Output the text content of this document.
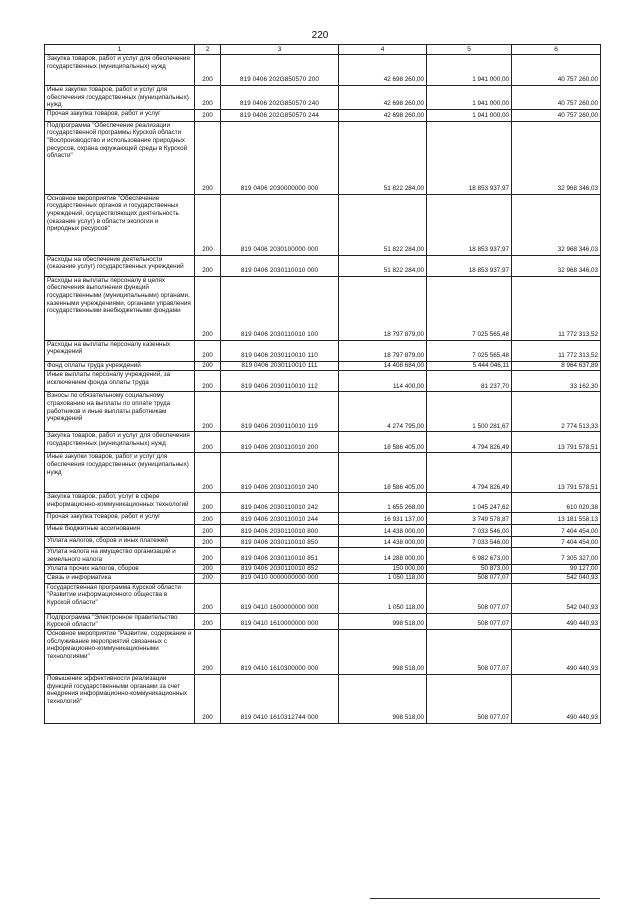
220
1	2	3	4	5	6
Закупка товаров, работ и услуг для обеспечения государственных (муниципальных) нужд	200	819 0406 202G850570 200	42 698 260,00	1 941 000,00	40 757 260,00
Иные закупки товаров, работ и услуг для обеспечения государственных (муниципальных) нужд	200	819 0406 202G850570 240	42 698 260,00	1 941 000,00	40 757 260,00
Прочая закупка товаров, работ и услуг	200	819 0406 202G850570 244	42 698 260,00	1 941 000,00	40 757 260,00
Подпрограмма "Обеспечение реализации государственной программы Курской области "Воспроизводство и использование природных ресурсов, охрана окружающей среды в Курской области"	200	819 0406 2030000000 000	51 822 284,00	18 853 937,97	32 968 346,03
Основное мероприятие "Обеспечение государственных органов и государственных учреждений, осуществляющих деятельность (оказание услуг) в области экологии и природных ресурсов"	200	819 0406 2030100000 000	51 822 284,00	18 853 937,97	32 968 346,03
Расходы на обеспечение деятельности (оказание услуг) государственных учреждений	200	819 0406 2030110010 000	51 822 284,00	18 853 937,97	32 968 346,03
Расходы на выплаты персоналу в целях обеспечения выполнения функций государственными (муниципальными) органами, казенными учреждениями, органами управления государственными внебюджетными фондами	200	819 0406 2030110010 100	18 797 879,00	7 025 565,48	11 772 313,52
Расходы на выплаты персоналу казенных учреждений	200	819 0406 2030110010 110	18 797 879,00	7 025 565,48	11 772 313,52
Фонд оплаты труда учреждений	200	819 0406 2030110010 111	14 408 684,00	5 444 046,11	8 964 637,89
Иные выплаты персоналу учреждений, за исключением фонда оплаты труда	200	819 0406 2030110010 112	114 400,00	81 237,70	33 162,30
Взносы по обязательному социальному страхованию на выплаты по оплате труда работников и иные выплаты работникам учреждений	200	819 0406 2030110010 119	4 274 795,00	1 500 281,67	2 774 513,33
Закупка товаров, работ и услуг для обеспечения государственных (муниципальных) нужд	200	819 0406 2030110010 200	18 586 405,00	4 794 826,49	13 791 578,51
Иные закупки товаров, работ и услуг для обеспечения государственных (муниципальных) нужд	200	819 0406 2030110010 240	18 586 405,00	4 794 826,49	13 791 578,51
Закупка товаров, работ, услуг в сфере информационно-коммуникационных технологий	200	819 0406 2030110010 242	1 655 268,00	1 045 247,62	610 020,38
Прочая закупка товаров, работ и услуг	200	819 0406 2030110010 244	16 931 137,00	3 749 578,87	13 181 558,13
Иные бюджетные ассигнования	200	819 0406 2030110010 800	14 438 000,00	7 033 546,00	7 404 454,00
Уплата налогов, сборов и иных платежей	200	819 0406 2030110010 850	14 438 000,00	7 033 546,00	7 404 454,00
Уплата налога на имущество организаций и земельного налога	200	819 0406 2030110010 851	14 288 000,00	6 982 673,00	7 305 327,00
Уплата прочих налогов, сборов	200	819 0406 2030110010 852	150 000,00	50 873,00	99 127,00
Связь и информатика	200	819 0410 0000000000 000	1 050 118,00	508 077,07	542 040,93
Государственная программа Курской области "Развитие информационного общества в Курской области"	200	819 0410 1600000000 000	1 050 118,00	508 077,07	542 040,93
Подпрограмма "Электронное правительство Курской области"	200	819 0410 1610000000 000	998 518,00	508 077,07	490 440,93
Основное мероприятие "Развитие, содержание и обслуживание мероприятий связанных с информационно-коммуникационными технологиями"	200	819 0410 1610300000 000	998 518,00	508 077,07	490 440,93
Повышение эффективности реализации функций государственными органами за счет внедрения информационно-коммуникационных технологий"	200	819 0410 1610312744 000	998 518,00	508 077,07	490 440,93
